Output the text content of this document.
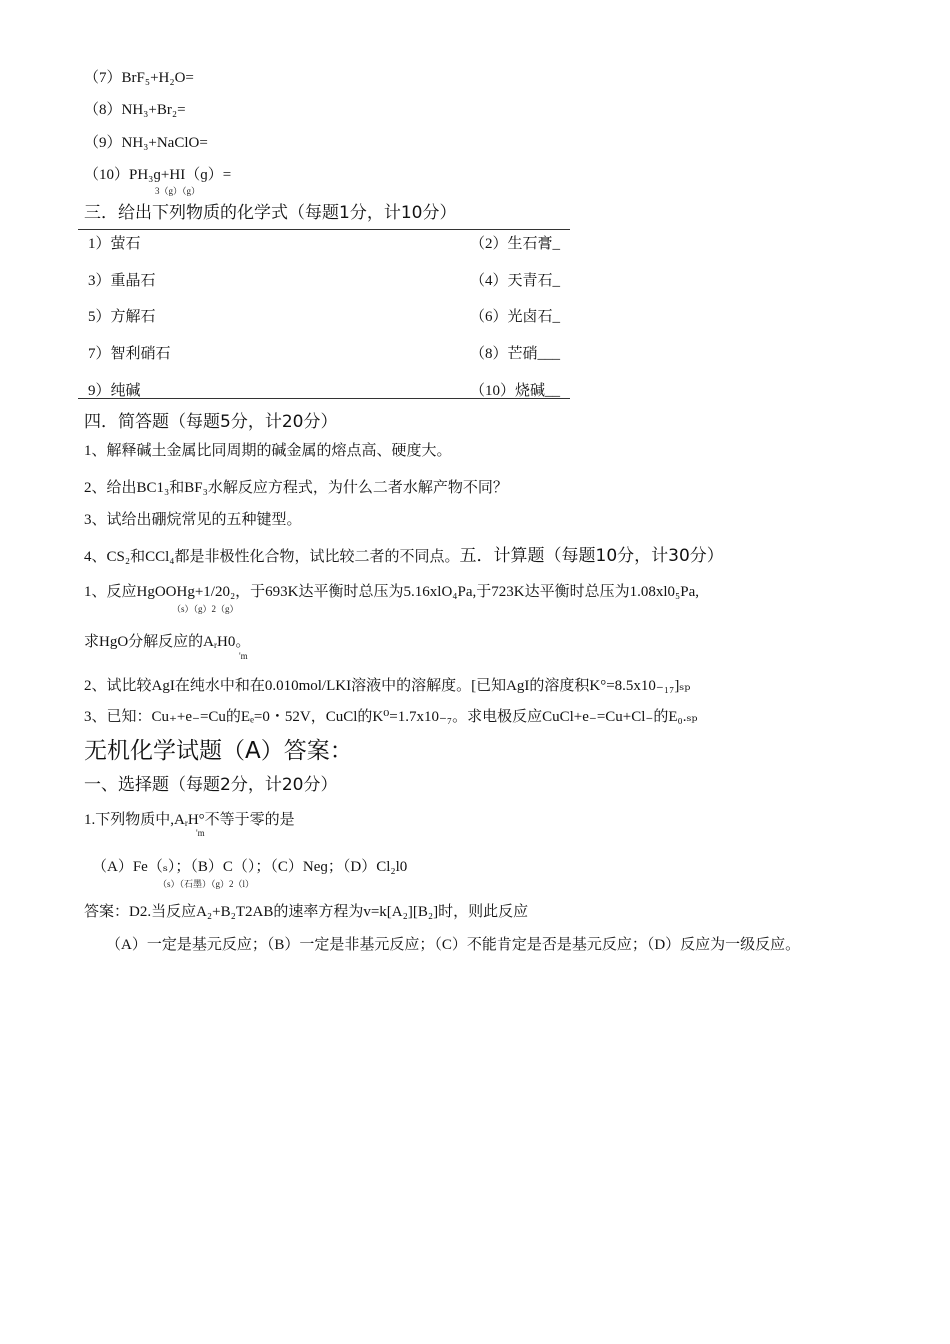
（7）BrF₅+H₂O=
（8）NH₃+Br₂=
（9）NH₃+NaClO=
（10）PH₃ɡ+HI（ɡ）=
3（g）（g）
三．给出下列物质的化学式（每题1分，计10分）
1）萤石	（2）生石膏_
3）重晶石	（4）天青石_
5）方解石	（6）光卤石_
7）智利硝石	（8）芒硝___
9）纯碱	（10）烧碱__
四．简答题（每题5分，计20分）
1、解释碱土金属比同周期的碱金属的熔点高、硬度大。
2、给出BC1₃和BF₃水解反应方程式，为什么二者水解产物不同？
3、试给出硼烷常见的五种键型。
4、CS₂和CCl₄都是非极性化合物，试比较二者的不同点。五．计算题（每题10分，计30分）
1、反应HgOOHg+1/20₂，于693K达平衡时总压为5.16xlO₄Pa,于723K达平衡时总压为1.08xl0₅Pa,
（s）（g）2（g）
求HgO分解反应的$A_rH0$。
'm
2、试比较AgI在纯水中和在0.010mol/LKI溶液中的溶解度。[已知AgI的溶度积K°=8.5x10₋₁₇]ₛₚ
3、已知：Cu₊+e₋=Cu的Eₑ=0・52V，CuCl的K⁰=1.7x10₋₇。求电极反应CuCl+e₋=Cu+Cl₋的E₀.ₛₚ
无机化学试题（A）答案：
一、选择题（每题2分，计20分）
1.下列物质中$,A_rH^\circ$不等于零的是
'm
（A）Fe（ₛ）；（B）C（）；（C）Neɡ；（D）Cl₂l0
（s）（石墨）（g）2（l）
答案：D2.当反应A₂+B₂T2AB的速率方程为v=k[A₂][B₂]时，则此反应
（A）一定是基元反应；（B）一定是非基元反应；（C）不能肯定是否是基元反应；（D）反应为一级反应。
